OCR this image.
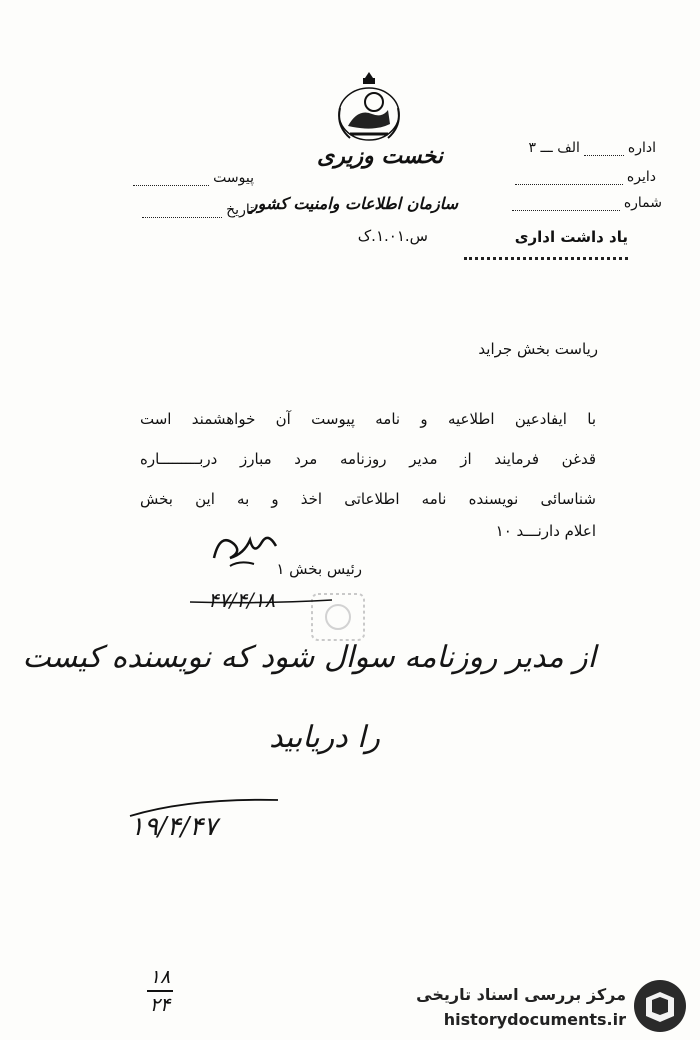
نخست وزیری
سازمان اطلاعات وامنیت کشور
س.۱.۰۱.ک
اداره
الف ـــ ۳
دایره
شماره
پیوست
تاریخ
یاد داشت اداری
ریاست بخش جراید
با ایفادعین اطلاعیه و نامه پیوست آن خواهشمند است
قدغن فرمایند از مدیر روزنامه مرد مبارز دربـــــــــاره
شناسائی نویسنده نامه اطلاعاتی اخذ و به این بخش
اعلام دارنـــد ۱۰
رئیس بخش ۱
۴۷/۴/۱۸
از مدیر روزنامه سوال شود که نویسنده کیست
را دریابید
۱۹/۴/۴۷
۱۸
۲۴	مرکز بررسی اسناد تاریخی
historydocuments.ir
